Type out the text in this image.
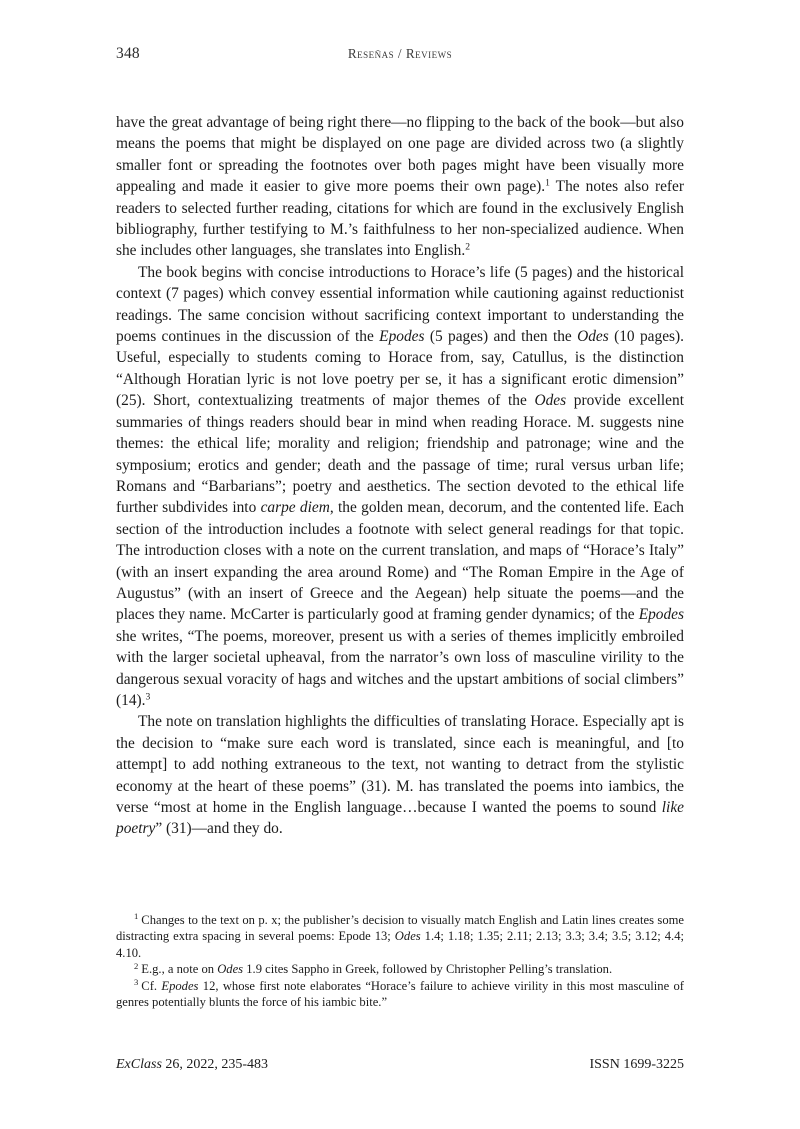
348	Reseñas / Reviews

have the great advantage of being right there—no flipping to the back of the book—but also means the poems that might be displayed on one page are divided across two (a slightly smaller font or spreading the footnotes over both pages might have been visually more appealing and made it easier to give more poems their own page).$^1$ The notes also refer readers to selected further reading, citations for which are found in the exclusively English bibliography, further testifying to M.’s faithfulness to her non-specialized audience. When she includes other languages, she translates into English.$^2$

The book begins with concise introductions to Horace’s life (5 pages) and the historical context (7 pages) which convey essential information while cautioning against reductionist readings. The same concision without sacrificing context important to understanding the poems continues in the discussion of the Epodes (5 pages) and then the Odes (10 pages). Useful, especially to students coming to Horace from, say, Catullus, is the distinction “Although Horatian lyric is not love poetry per se, it has a significant erotic dimension” (25). Short, contextualizing treatments of major themes of the Odes provide excellent summaries of things readers should bear in mind when reading Horace. M. suggests nine themes: the ethical life; morality and religion; friendship and patronage; wine and the symposium; erotics and gender; death and the passage of time; rural versus urban life; Romans and “Barbarians”; poetry and aesthetics. The section devoted to the ethical life further subdivides into carpe diem, the golden mean, decorum, and the contented life. Each section of the introduction includes a footnote with select general readings for that topic. The introduction closes with a note on the current translation, and maps of “Horace’s Italy” (with an insert expanding the area around Rome) and “The Roman Empire in the Age of Augustus” (with an insert of Greece and the Aegean) help situate the poems—and the places they name. McCarter is particularly good at framing gender dynamics; of the Epodes she writes, “The poems, moreover, present us with a series of themes implicitly embroiled with the larger societal upheaval, from the narrator’s own loss of masculine virility to the dangerous sexual voracity of hags and witches and the upstart ambitions of social climbers” (14).$^3$

The note on translation highlights the difficulties of translating Horace. Especially apt is the decision to “make sure each word is translated, since each is meaningful, and [to attempt] to add nothing extraneous to the text, not wanting to detract from the stylistic economy at the heart of these poems” (31). M. has translated the poems into iambics, the verse “most at home in the English language…because I wanted the poems to sound like poetry” (31)—and they do.

$^1$ Changes to the text on p. x; the publisher’s decision to visually match English and Latin lines creates some distracting extra spacing in several poems: Epode 13; Odes 1.4; 1.18; 1.35; 2.11; 2.13; 3.3; 3.4; 3.5; 3.12; 4.4; 4.10.

$^2$ E.g., a note on Odes 1.9 cites Sappho in Greek, followed by Christopher Pelling’s translation.

$^3$ Cf. Epodes 12, whose first note elaborates “Horace’s failure to achieve virility in this most masculine of genres potentially blunts the force of his iambic bite.”

ExClass 26, 2022, 235-483	ISSN 1699-3225
